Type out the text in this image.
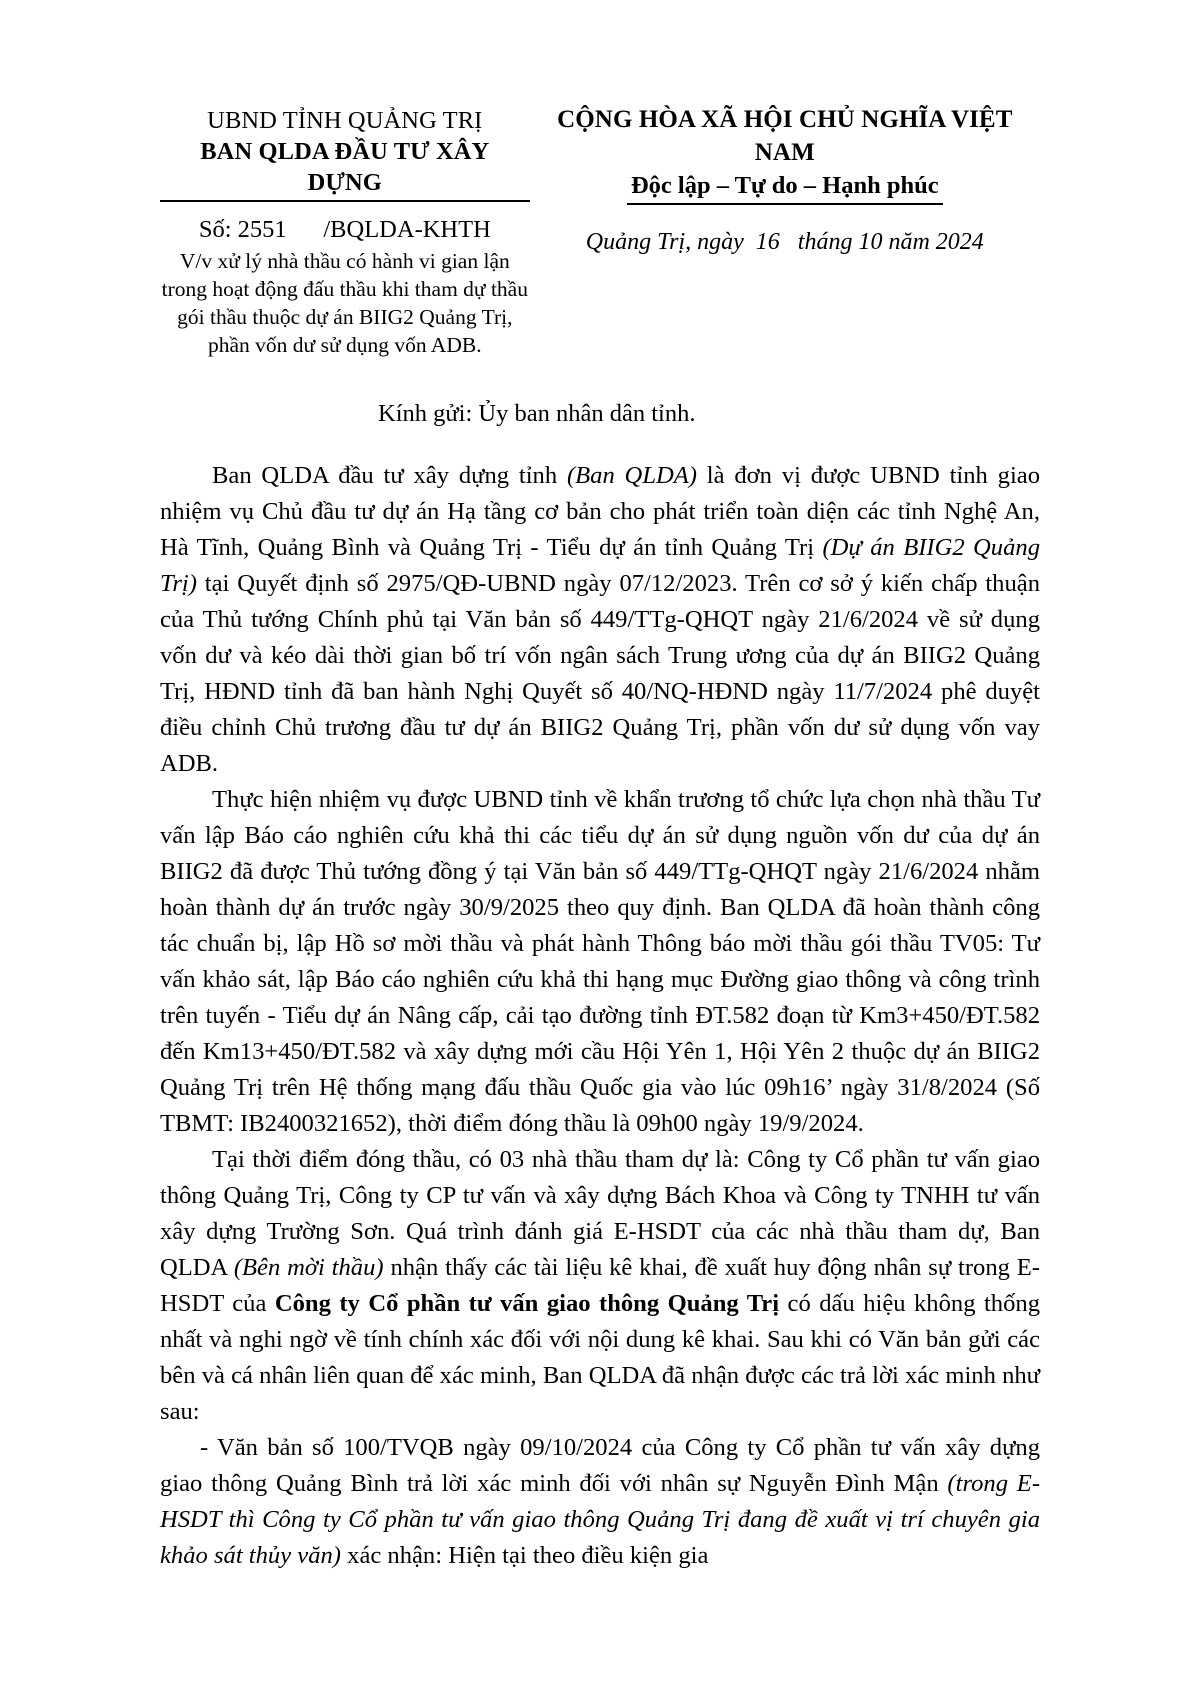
UBND TỈNH QUẢNG TRỊ
BAN QLDA ĐẦU TƯ XÂY DỰNG
Số: 2551      /BQLDA-KHTH
V/v xử lý nhà thầu có hành vi gian lận
trong hoạt động đấu thầu khi tham dự thầu
gói thầu thuộc dự án BIIG2 Quảng Trị,
phần vốn dư sử dụng vốn ADB.
CỘNG HÒA XÃ HỘI CHỦ NGHĨA VIỆT NAM
Độc lập – Tự do – Hạnh phúc
Quảng Trị, ngày  16   tháng 10 năm 2024
Kính gửi: Ủy ban nhân dân tỉnh.

Ban QLDA đầu tư xây dựng tỉnh (Ban QLDA) là đơn vị được UBND tỉnh giao nhiệm vụ Chủ đầu tư dự án Hạ tầng cơ bản cho phát triển toàn diện các tỉnh Nghệ An, Hà Tĩnh, Quảng Bình và Quảng Trị - Tiểu dự án tỉnh Quảng Trị (Dự án BIIG2 Quảng Trị) tại Quyết định số 2975/QĐ-UBND ngày 07/12/2023. Trên cơ sở ý kiến chấp thuận của Thủ tướng Chính phủ tại Văn bản số 449/TTg-QHQT ngày 21/6/2024 về sử dụng vốn dư và kéo dài thời gian bố trí vốn ngân sách Trung ương của dự án BIIG2 Quảng Trị, HĐND tỉnh đã ban hành Nghị Quyết số 40/NQ-HĐND ngày 11/7/2024 phê duyệt điều chỉnh Chủ trương đầu tư dự án BIIG2 Quảng Trị, phần vốn dư sử dụng vốn vay ADB.

Thực hiện nhiệm vụ được UBND tỉnh về khẩn trương tổ chức lựa chọn nhà thầu Tư vấn lập Báo cáo nghiên cứu khả thi các tiểu dự án sử dụng nguồn vốn dư của dự án BIIG2 đã được Thủ tướng đồng ý tại Văn bản số 449/TTg-QHQT ngày 21/6/2024 nhằm hoàn thành dự án trước ngày 30/9/2025 theo quy định. Ban QLDA đã hoàn thành công tác chuẩn bị, lập Hồ sơ mời thầu và phát hành Thông báo mời thầu gói thầu TV05: Tư vấn khảo sát, lập Báo cáo nghiên cứu khả thi hạng mục Đường giao thông và công trình trên tuyến - Tiểu dự án Nâng cấp, cải tạo đường tỉnh ĐT.582 đoạn từ Km3+450/ĐT.582 đến Km13+450/ĐT.582 và xây dựng mới cầu Hội Yên 1, Hội Yên 2 thuộc dự án BIIG2 Quảng Trị trên Hệ thống mạng đấu thầu Quốc gia vào lúc 09h16’ ngày 31/8/2024 (Số TBMT: IB2400321652), thời điểm đóng thầu là 09h00 ngày 19/9/2024.

Tại thời điểm đóng thầu, có 03 nhà thầu tham dự là: Công ty Cổ phần tư vấn giao thông Quảng Trị, Công ty CP tư vấn và xây dựng Bách Khoa và Công ty TNHH tư vấn xây dựng Trường Sơn. Quá trình đánh giá E-HSDT của các nhà thầu tham dự, Ban QLDA (Bên mời thầu) nhận thấy các tài liệu kê khai, đề xuất huy động nhân sự trong E-HSDT của Công ty Cổ phần tư vấn giao thông Quảng Trị có dấu hiệu không thống nhất và nghi ngờ về tính chính xác đối với nội dung kê khai. Sau khi có Văn bản gửi các bên và cá nhân liên quan để xác minh, Ban QLDA đã nhận được các trả lời xác minh như sau:

- Văn bản số 100/TVQB ngày 09/10/2024 của Công ty Cổ phần tư vấn xây dựng giao thông Quảng Bình trả lời xác minh đối với nhân sự Nguyễn Đình Mận (trong E-HSDT thì Công ty Cổ phần tư vấn giao thông Quảng Trị đang đề xuất vị trí chuyên gia khảo sát thủy văn) xác nhận: Hiện tại theo điều kiện gia
